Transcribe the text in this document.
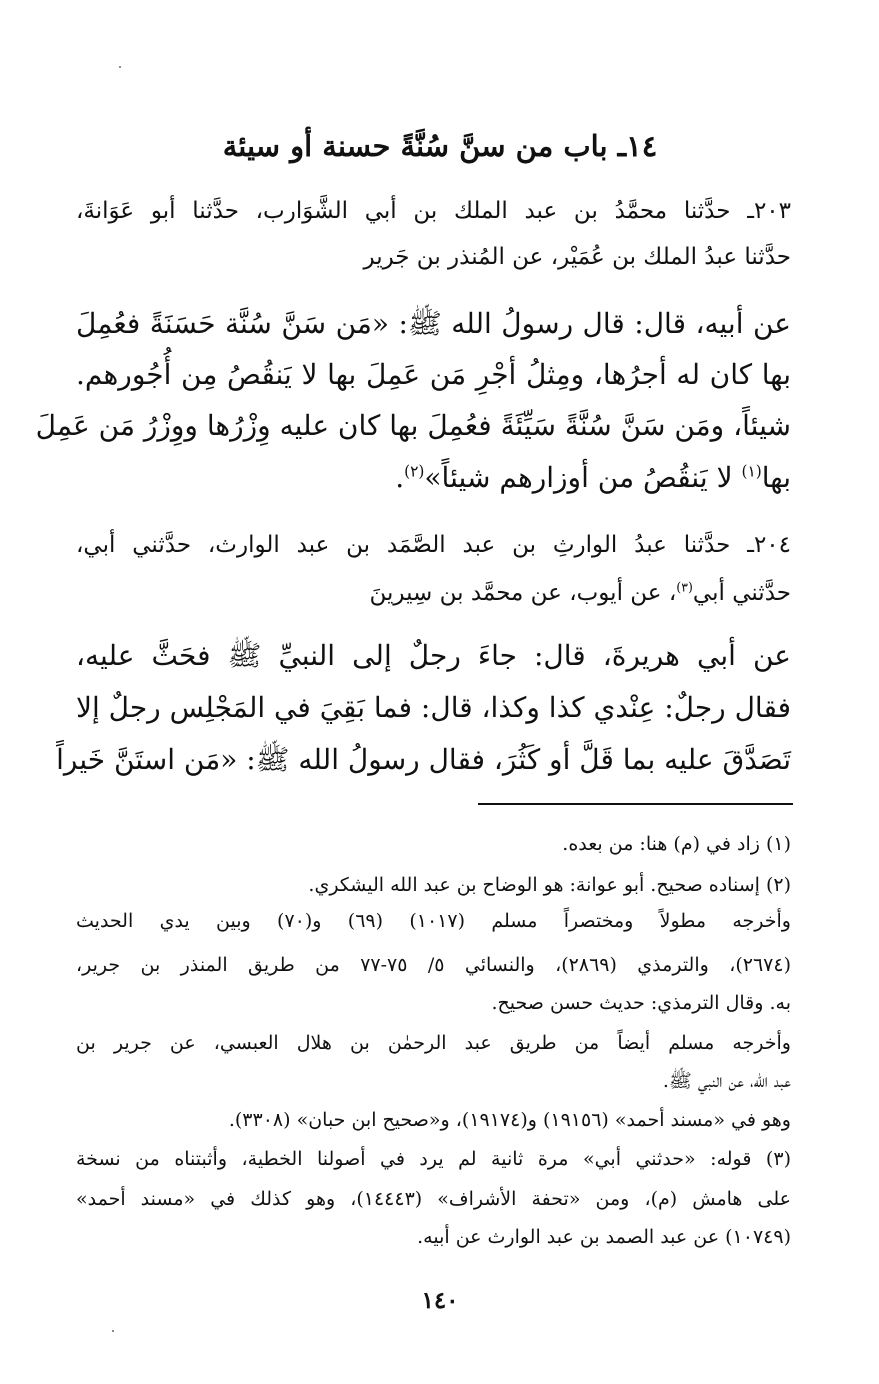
١٤ـ باب من سنَّ سُنَّةً حسنة أو سيئة
٢٠٣ـ حدَّثنا محمَّدُ بن عبد الملك بن أبي الشَّوَارب، حدَّثنا أبو عَوَانةَ،
حدَّثنا عبدُ الملك بن عُمَيْر، عن المُنذر بن جَرير
عن أبيه، قال: قال رسولُ الله ﷺ: «مَن سَنَّ سُنَّة حَسَنَةً فعُمِلَ
بها كان له أجرُها، ومِثلُ أجْرِ مَن عَمِلَ بها لا يَنقُصُ مِن أُجُورهم.
شيئاً، ومَن سَنَّ سُنَّةً سَيِّئَةً فعُمِلَ بها كان عليه وِزْرُها ووِزْرُ مَن عَمِلَ
بها$^{(١)}$ لا يَنقُصُ من أوزارهم شيئاً»$^{(٢)}$.
٢٠٤ـ حدَّثنا عبدُ الوارثِ بن عبد الصَّمَد بن عبد الوارث، حدَّثني أبي،
حدَّثني أبي$^{(٣)}$، عن أيوب، عن محمَّد بن سِيرينَ
عن أبي هريرةَ، قال: جاءَ رجلٌ إلى النبيِّ ﷺ فحَثَّ عليه،
فقال رجلٌ: عِنْدي كذا وكذا، قال: فما بَقِيَ في المَجْلِس رجلٌ إلا
تَصَدَّقَ عليه بما قَلَّ أو كَثُرَ، فقال رسولُ الله ﷺ: «مَن استَنَّ خَيراً
(١) زاد في (م) هنا: من بعده.
(٢) إسناده صحيح. أبو عوانة: هو الوضاح بن عبد الله اليشكري.
وأخرجه مطولاً ومختصراً مسلم (١٠١٧) (٦٩) و(٧٠) وبين يدي الحديث
(٢٦٧٤)، والترمذي (٢٨٦٩)، والنسائي ٥/ ٧٥-٧٧ من طريق المنذر بن جرير،
به. وقال الترمذي: حديث حسن صحيح.
وأخرجه مسلم أيضاً من طريق عبد الرحمٰن بن هلال العبسي، عن جرير بن
عبد الله، عن النبي ﷺ.
وهو في «مسند أحمد» (١٩١٥٦) و(١٩١٧٤)، و«صحيح ابن حبان» (٣٣٠٨).
(٣) قوله: «حدثني أبي» مرة ثانية لم يرد في أصولنا الخطية، وأثبتناه من نسخة
على هامش (م)، ومن «تحفة الأشراف» (١٤٤٤٣)، وهو كذلك في «مسند أحمد»
(١٠٧٤٩) عن عبد الصمد بن عبد الوارث عن أبيه.
١٤٠
